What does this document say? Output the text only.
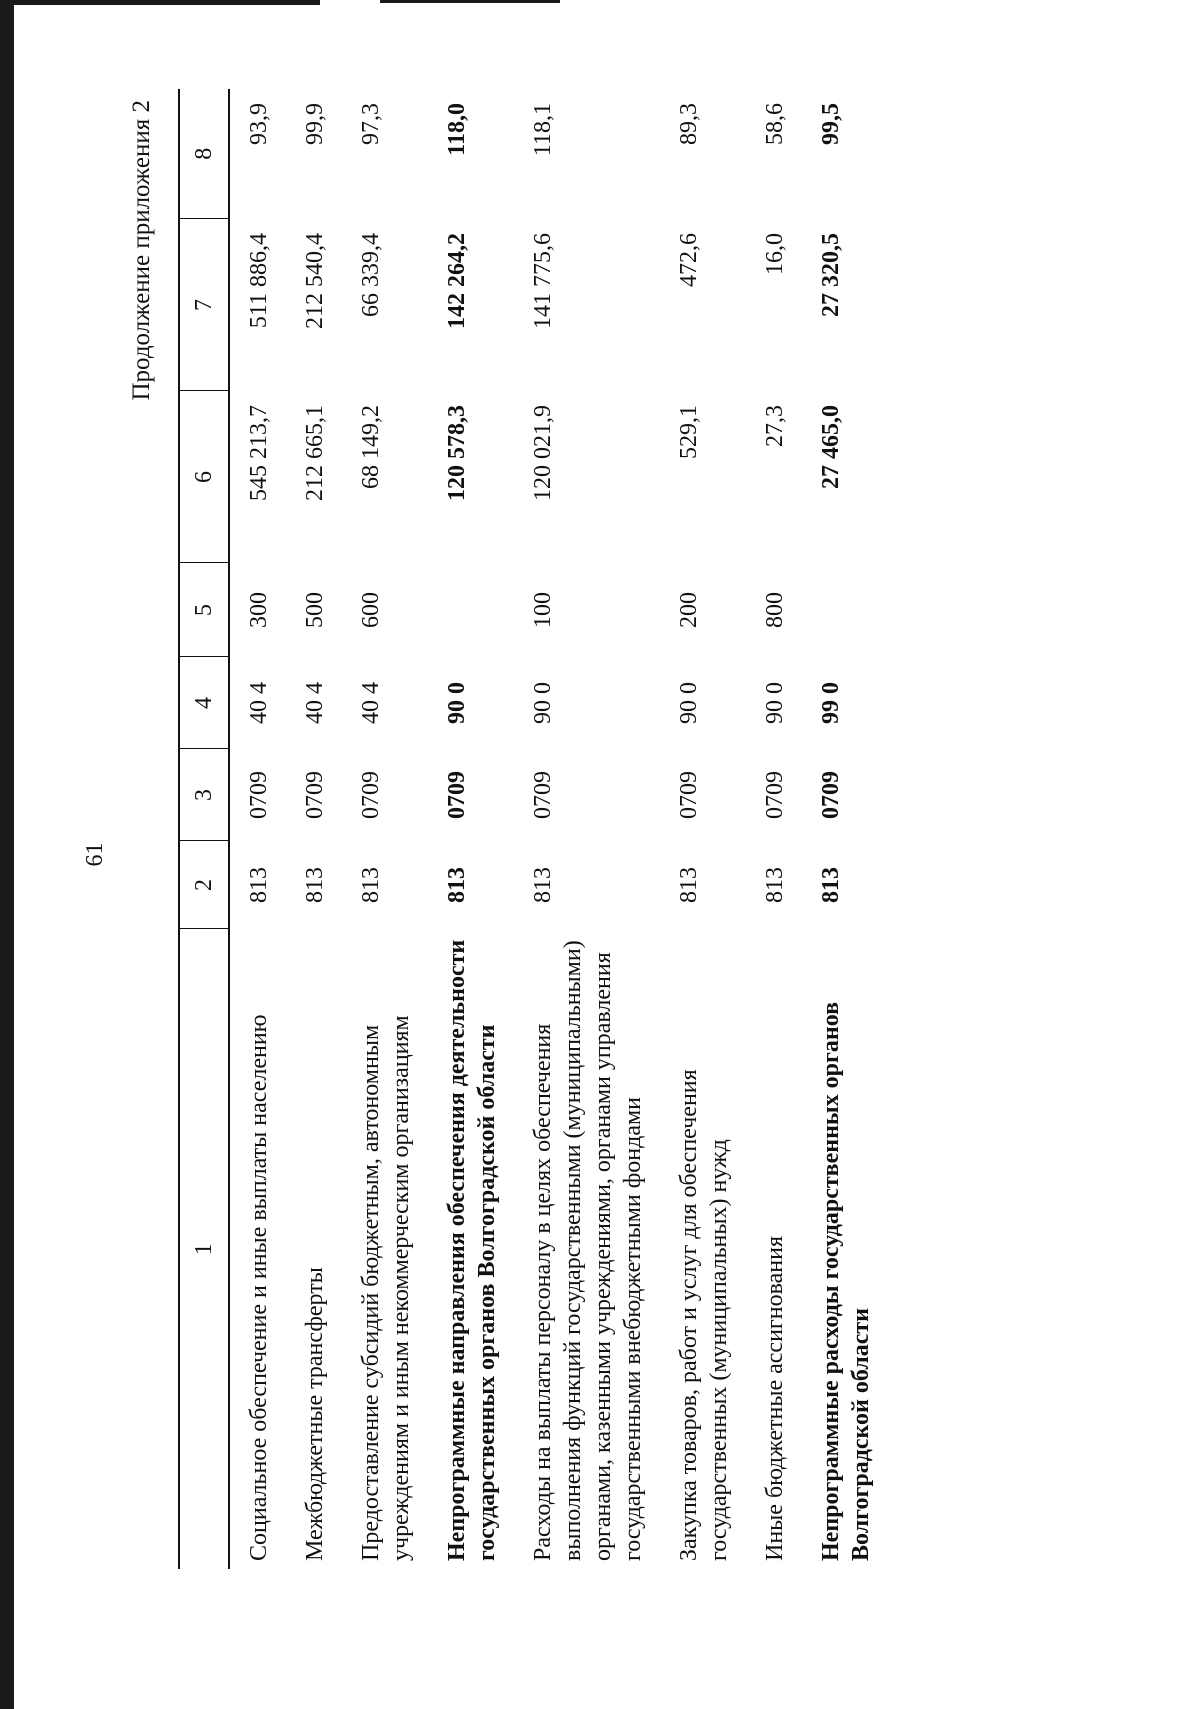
61
Продолжение приложения 2
1	2	3	4	5	6	7	8
Социальное обеспечение и иные выплаты населению	813	0709	40 4	300	545 213,7	511 886,4	93,9
Межбюджетные трансферты	813	0709	40 4	500	212 665,1	212 540,4	99,9
Предоставление субсидий бюджетным, автономным учреждениям и иным некоммерческим организациям	813	0709	40 4	600	68 149,2	66 339,4	97,3
Непрограммные направления обеспечения деятельности государственных органов Волгоградской области	813	0709	90 0		120 578,3	142 264,2	118,0
Расходы на выплаты персоналу в целях обеспечения выполнения функций государственными (муниципальными) органами, казенными учреждениями, органами управления государственными внебюджетными фондами	813	0709	90 0	100	120 021,9	141 775,6	118,1
Закупка товаров, работ и услуг для обеспечения государственных (муниципальных) нужд	813	0709	90 0	200	529,1	472,6	89,3
Иные бюджетные ассигнования	813	0709	90 0	800	27,3	16,0	58,6
Непрограммные расходы государственных органов Волгоградской области	813	0709	99 0		27 465,0	27 320,5	99,5
